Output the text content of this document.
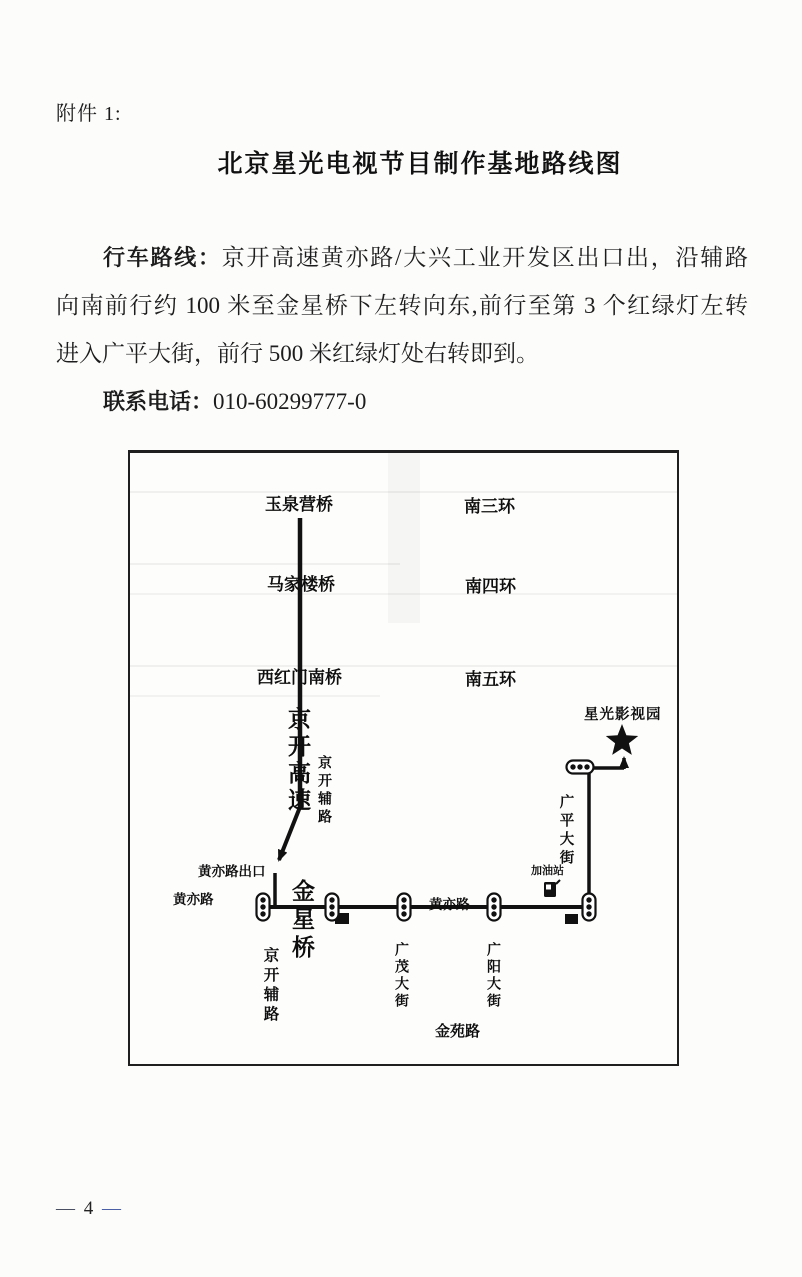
附件 1:
北京星光电视节目制作基地路线图
行车路线：京开高速黄亦路/大兴工业开发区出口出，沿辅路
向南前行约 100 米至金星桥下左转向东,前行至第 3 个红绿灯左转
进入广平大街，前行 500 米红绿灯处右转即到。
联系电话：010-60299777-0
玉泉营桥	南三环
马家楼桥	南四环
西红门南桥	南五环
京开高速 京开辅路
金星桥
广平大街
京开辅路	广茂大街	广阳大街
黄亦路出口
黄亦路	黄亦路
加油站
星光影视园
金苑路
— 4 —
